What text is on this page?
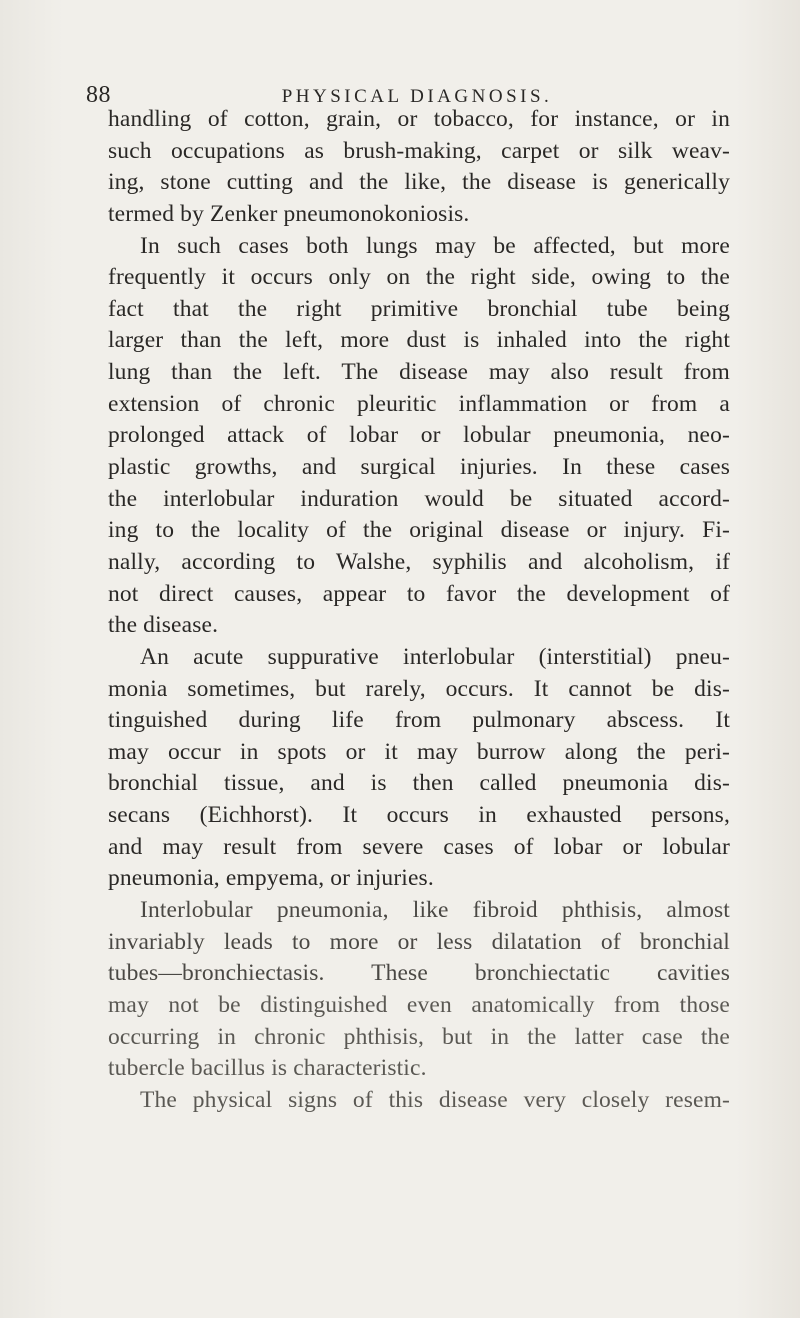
88	PHYSICAL DIAGNOSIS.
handling of cotton, grain, or tobacco, for instance, or in
such occupations as brush-making, carpet or silk weav-
ing, stone cutting and the like, the disease is generically
termed by Zenker pneumonokoniosis.
In such cases both lungs may be affected, but more
frequently it occurs only on the right side, owing to the
fact that the right primitive bronchial tube being
larger than the left, more dust is inhaled into the right
lung than the left. The disease may also result from
extension of chronic pleuritic inflammation or from a
prolonged attack of lobar or lobular pneumonia, neo-
plastic growths, and surgical injuries. In these cases
the interlobular induration would be situated accord-
ing to the locality of the original disease or injury. Fi-
nally, according to Walshe, syphilis and alcoholism, if
not direct causes, appear to favor the development of
the disease.
An acute suppurative interlobular (interstitial) pneu-
monia sometimes, but rarely, occurs. It cannot be dis-
tinguished during life from pulmonary abscess. It
may occur in spots or it may burrow along the peri-
bronchial tissue, and is then called pneumonia dis-
secans (Eichhorst). It occurs in exhausted persons,
and may result from severe cases of lobar or lobular
pneumonia, empyema, or injuries.
Interlobular pneumonia, like fibroid phthisis, almost
invariably leads to more or less dilatation of bronchial
tubes—bronchiectasis. These bronchiectatic cavities
may not be distinguished even anatomically from those
occurring in chronic phthisis, but in the latter case the
tubercle bacillus is characteristic.
The physical signs of this disease very closely resem-
